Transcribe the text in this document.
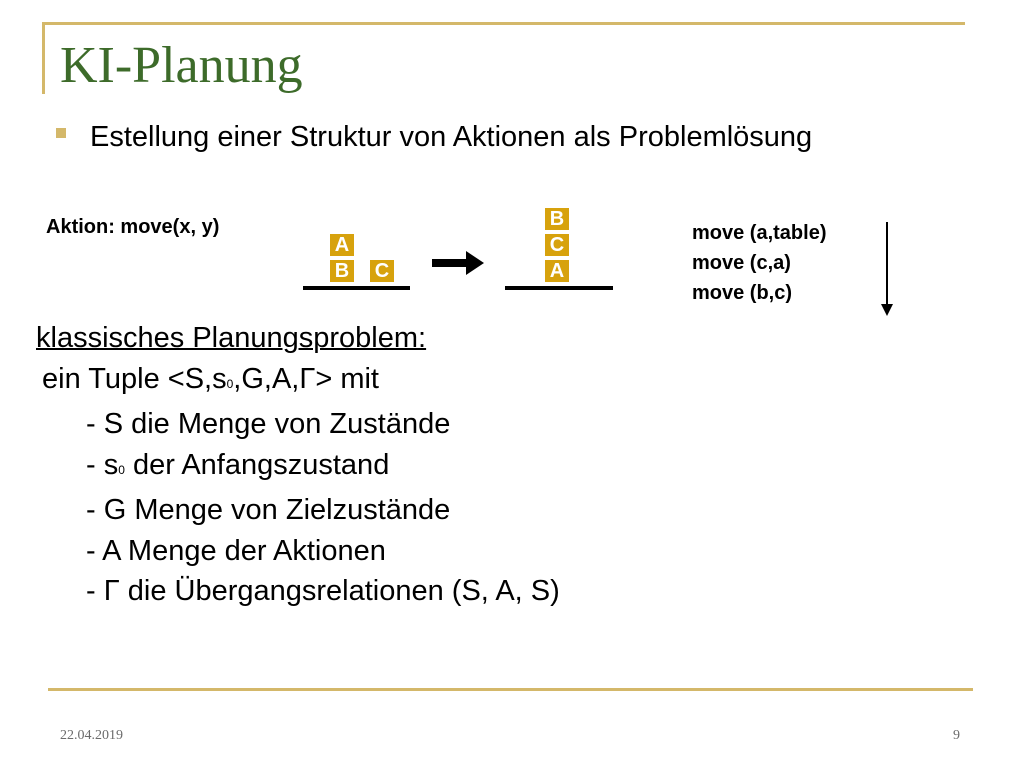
KI-Planung
Estellung einer Struktur von Aktionen als Problemlösung
Aktion: move(x, y)
A
B C
B
C
A
move (a,table)
move (c,a)
move (b,c)
klassisches Planungsproblem:
ein Tuple <S,s0,G,A,Γ> mit
- S die Menge von Zustände
- s0 der Anfangszustand
- G Menge von Zielzustände
- A Menge der Aktionen
- Γ die Übergangsrelationen (S, A, S)
22.04.2019	9
